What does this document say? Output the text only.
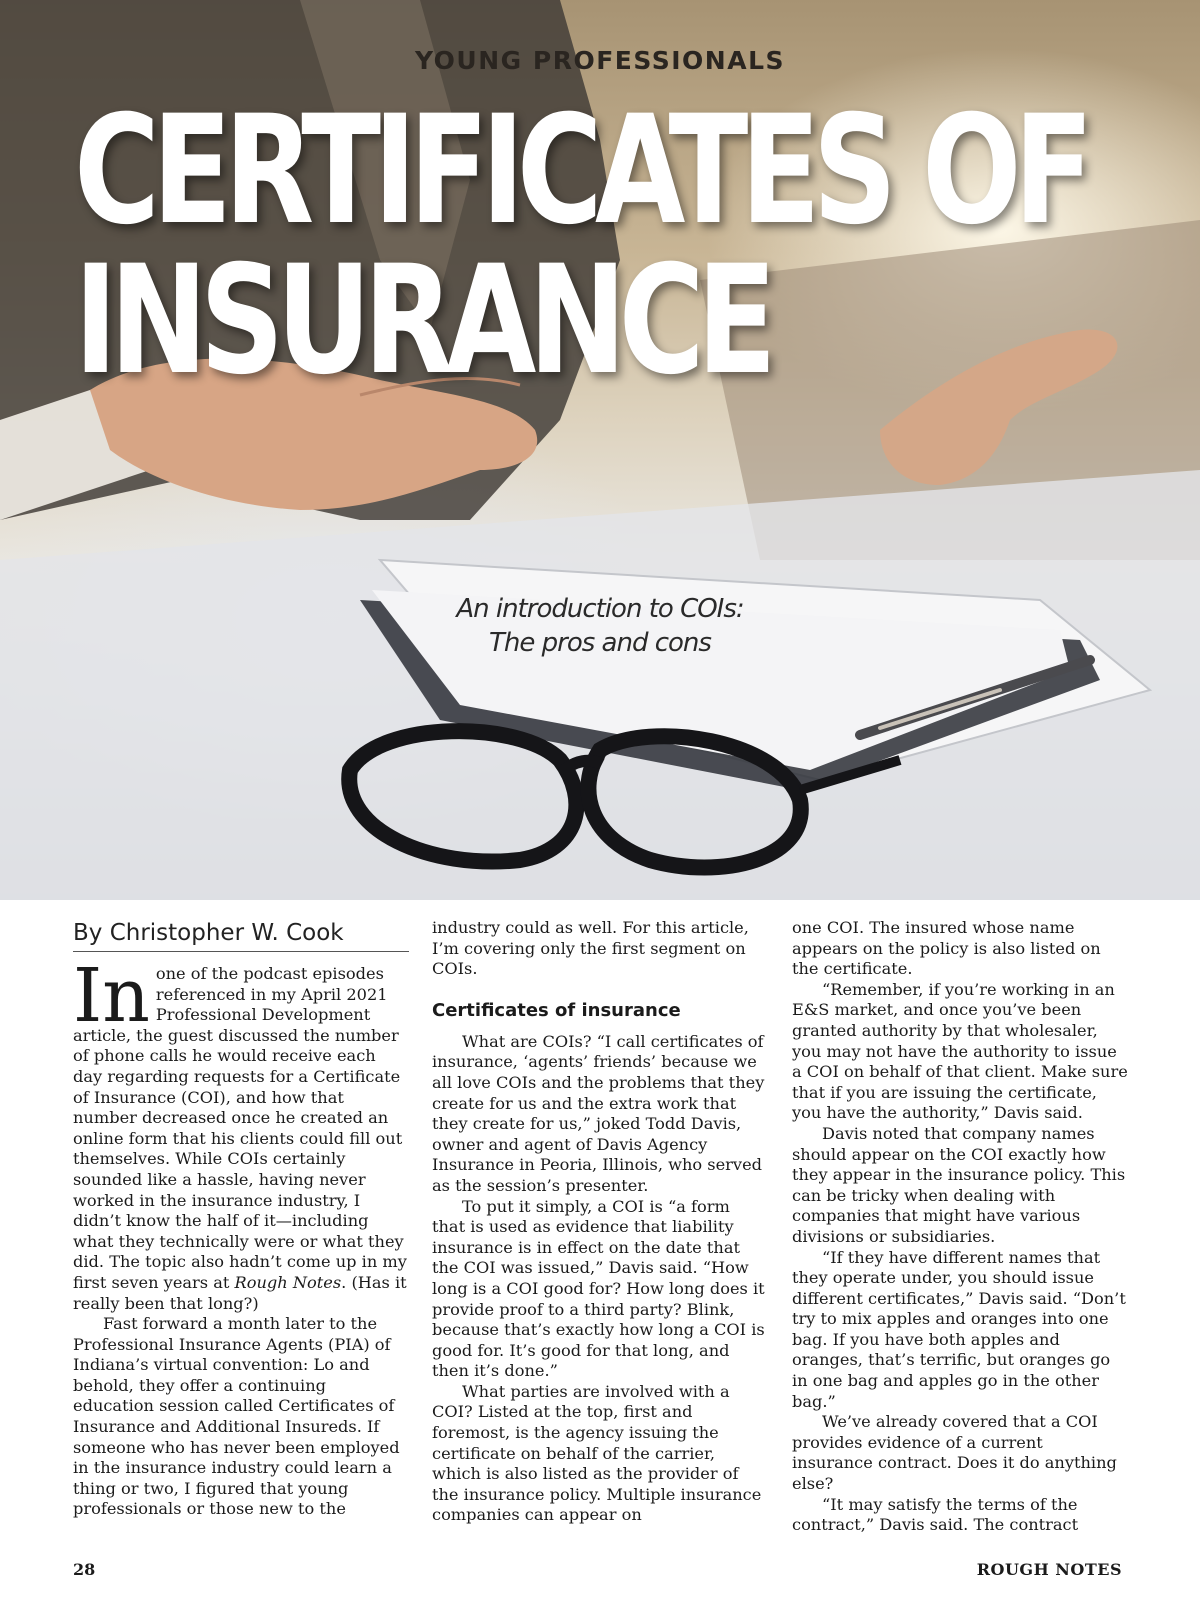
YOUNG PROFESSIONALS
CERTIFICATES OF
INSURANCE
An introduction to COIs:
The pros and cons
By Christopher W. Cook

In one of the podcast episodes referenced in my April 2021 Professional Development article, the guest discussed the number of phone calls he would receive each day regarding requests for a Certificate of Insurance (COI), and how that number decreased once he created an online form that his clients could fill out themselves. While COIs certainly sounded like a hassle, having never worked in the insurance industry, I didn’t know the half of it—including what they technically were or what they did. The topic also hadn’t come up in my first seven years at Rough Notes. (Has it really been that long?)

Fast forward a month later to the Professional Insurance Agents (PIA) of Indiana’s virtual convention: Lo and behold, they offer a continuing education session called Certificates of Insurance and Additional Insureds. If someone who has never been employed in the insurance industry could learn a thing or two, I figured that young professionals or those new to the

industry could as well. For this article, I’m covering only the first segment on COIs.

Certificates of insurance

What are COIs? “I call certificates of insurance, ‘agents’ friends’ because we all love COIs and the problems that they create for us and the extra work that they create for us,” joked Todd Davis, owner and agent of Davis Agency Insurance in Peoria, Illinois, who served as the session’s presenter.

To put it simply, a COI is “a form that is used as evidence that liability insurance is in effect on the date that the COI was issued,” Davis said. “How long is a COI good for? How long does it provide proof to a third party? Blink, because that’s exactly how long a COI is good for. It’s good for that long, and then it’s done.”

What parties are involved with a COI? Listed at the top, first and foremost, is the agency issuing the certificate on behalf of the carrier, which is also listed as the provider of the insurance policy. Multiple insurance companies can appear on

one COI. The insured whose name appears on the policy is also listed on the certificate.

“Remember, if you’re working in an E&S market, and once you’ve been granted authority by that wholesaler, you may not have the authority to issue a COI on behalf of that client. Make sure that if you are issuing the certificate, you have the authority,” Davis said.

Davis noted that company names should appear on the COI exactly how they appear in the insurance policy. This can be tricky when dealing with companies that might have various divisions or subsidiaries.

“If they have different names that they operate under, you should issue different certificates,” Davis said. “Don’t try to mix apples and oranges into one bag. If you have both apples and oranges, that’s terrific, but oranges go in one bag and apples go in the other bag.”

We’ve already covered that a COI provides evidence of a current insurance contract. Does it do anything else?

“It may satisfy the terms of the contract,” Davis said. The contract

28	ROUGH NOTES
